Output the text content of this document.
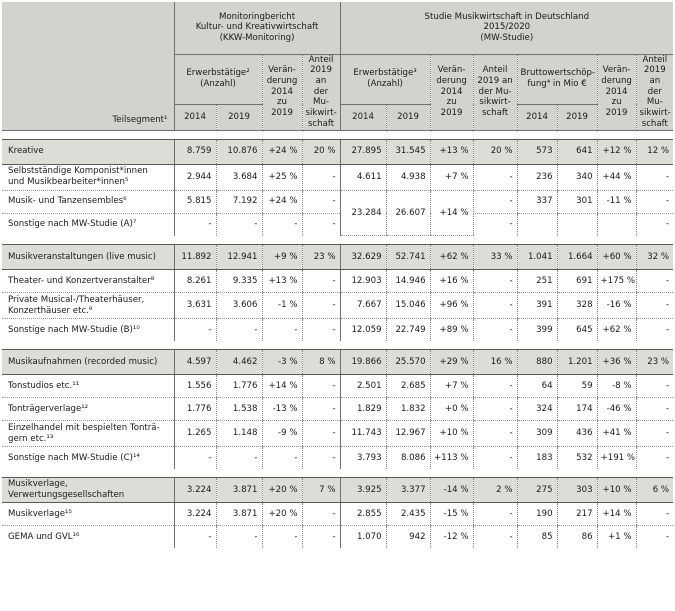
Teilsegment¹	Monitoringbericht
Kultur- und Kreativwirtschaft
(KKW-Monitoring)				Studie Musikwirtschaft in Deutschland
2015/2020
(MW-Studie)							
	Erwerbstätige²
(Anzahl)		Verän-
derung
2014
zu
2019	Anteil
2019 an
der Mu-
sikwirt-
schaft	Erwerbstätige³
(Anzahl)		Verän-
derung
2014
zu
2019	Anteil
2019 an
der Mu-
sikwirt-
schaft	Bruttowertschöp-
fung⁴ in Mio €		Verän-
derung
2014
zu
2019	Anteil
2019 an
der Mu-
sikwirt-
schaft
	2014	2019			2014	2019			2014	2019		

Kreative	8.759	10.876	+24 %	20 %	27.895	31.545	+13 %	20 %	573	641	+12 %	12 %
Selbstständige Komponist*innen
und Musikbearbeiter*innen⁵	2.944	3.684	+25 %	-	4.611	4.938	+7 %	-	236	340	+44 %	-
Musik- und Tanzensembles⁶	5.815	7.192	+24 %	-	23.284	26.607	+14 %	-	337	301	-11 %	-
Sonstige nach MW-Studie (A)⁷	-	-	-	-				-				-

Musikveranstaltungen (live music)	11.892	12.941	+9 %	23 %	32.629	52.741	+62 %	33 %	1.041	1.664	+60 %	32 %
Theater- und Konzertveranstalter⁸	8.261	9.335	+13 %	-	12.903	14.946	+16 %	-	251	691	+175 %	-
Private Musical-/Theaterhäuser,
Konzerthäuser etc.⁹	3.631	3.606	-1 %	-	7.667	15.046	+96 %	-	391	328	-16 %	-
Sonstige nach MW-Studie (B)¹⁰	-	-	-	-	12.059	22.749	+89 %	-	399	645	+62 %	-

Musikaufnahmen (recorded music)	4.597	4.462	-3 %	8 %	19.866	25.570	+29 %	16 %	880	1.201	+36 %	23 %
Tonstudios etc.¹¹	1.556	1.776	+14 %	-	2.501	2.685	+7 %	-	64	59	-8 %	-
Tonträgerverlage¹²	1.776	1.538	-13 %	-	1.829	1.832	+0 %	-	324	174	-46 %	-
Einzelhandel mit bespielten Tonträ-
gern etc.¹³	1.265	1.148	-9 %	-	11.743	12.967	+10 %	-	309	436	+41 %	-
Sonstige nach MW-Studie (C)¹⁴	-	-	-	-	3.793	8.086	+113 %	-	183	532	+191 %	-

Musikverlage, Verwertungsgesellschaften	3.224	3.871	+20 %	7 %	3.925	3.377	-14 %	2 %	275	303	+10 %	6 %
Musikverlage¹⁵	3.224	3.871	+20 %	-	2.855	2.435	-15 %	-	190	217	+14 %	-
GEMA und GVL¹⁶	-	-	-	-	1.070	942	-12 %	-	85	86	+1 %	-
